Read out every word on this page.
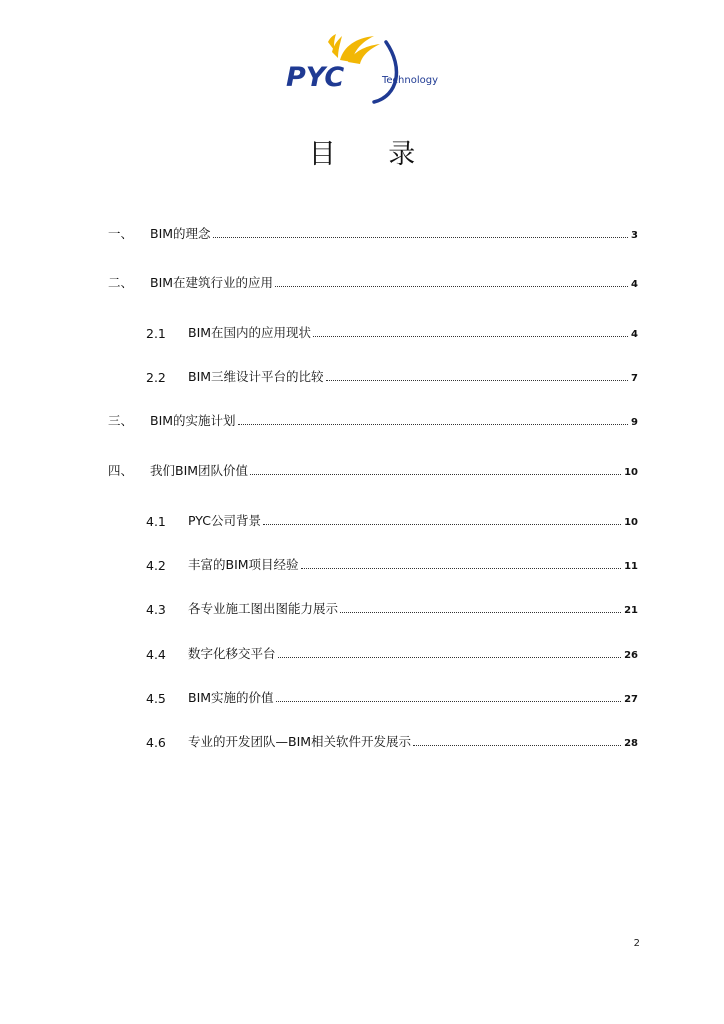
PYC	Technology
目 录
一、	BIM的理念	3
二、	BIM在建筑行业的应用	4
2.1	BIM在国内的应用现状	4
2.2	BIM三维设计平台的比较	7
三、	BIM的实施计划	9
四、	我们BIM团队价值	10
4.1	PYC公司背景	10
4.2	丰富的BIM项目经验	11
4.3	各专业施工图出图能力展示	21
4.4	数字化移交平台	26
4.5	BIM实施的价值	27
4.6	专业的开发团队—BIM相关软件开发展示	28
2
